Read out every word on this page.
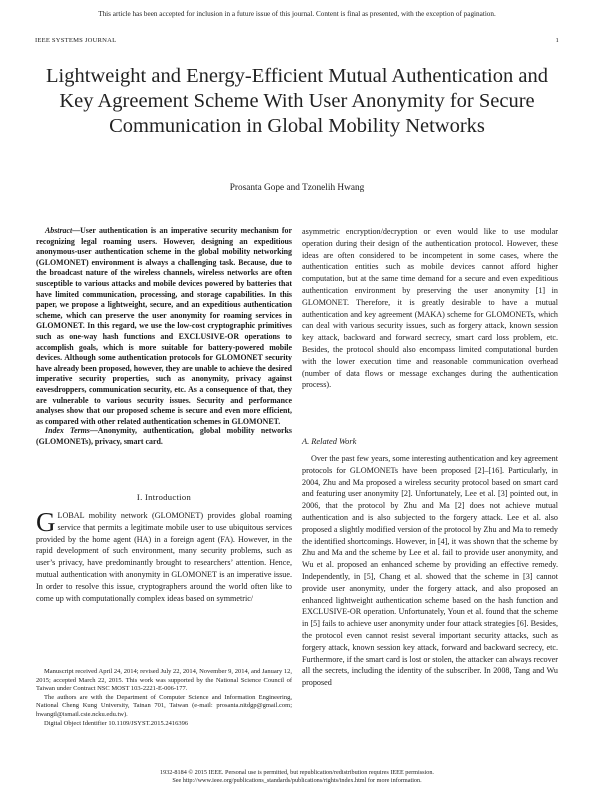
This article has been accepted for inclusion in a future issue of this journal. Content is final as presented, with the exception of pagination.
IEEE SYSTEMS JOURNAL	1
Lightweight and Energy-Efficient Mutual Authentication and Key Agreement Scheme With User Anonymity for Secure Communication in Global Mobility Networks
Prosanta Gope and Tzonelih Hwang

Abstract—User authentication is an imperative security mechanism for recognizing legal roaming users. However, designing an expeditious anonymous-user authentication scheme in the global mobility networking (GLOMONET) environment is always a challenging task. Because, due to the broadcast nature of the wireless channels, wireless networks are often susceptible to various attacks and mobile devices powered by batteries that have limited communication, processing, and storage capabilities. In this paper, we propose a lightweight, secure, and an expeditious authentication scheme, which can preserve the user anonymity for roaming services in GLOMONET. In this regard, we use the low-cost cryptographic primitives such as one-way hash functions and EXCLUSIVE-OR operations to accomplish goals, which is more suitable for battery-powered mobile devices. Although some authentication protocols for GLOMONET security have already been proposed, however, they are unable to achieve the desired imperative security properties, such as anonymity, privacy against eavesdroppers, communication security, etc. As a consequence of that, they are vulnerable to various security issues. Security and performance analyses show that our proposed scheme is secure and even more efficient, as compared with other related authentication schemes in GLOMONET.

Index Terms—Anonymity, authentication, global mobility networks (GLOMONETs), privacy, smart card.

I. Introduction

GLOBAL mobility network (GLOMONET) provides global roaming service that permits a legitimate mobile user to use ubiquitous services provided by the home agent (HA) in a foreign agent (FA). However, in the rapid development of such environment, many security problems, such as user’s privacy, have predominantly brought to researchers’ attention. Hence, mutual authentication with anonymity in GLOMONET is an imperative issue. In order to resolve this issue, cryptographers around the world often like to come up with computationally complex ideas based on symmetric/

Manuscript received April 24, 2014; revised July 22, 2014, November 9, 2014, and January 12, 2015; accepted March 22, 2015. This work was supported by the National Science Council of Taiwan under Contract NSC MOST 103-2221-E-006-177.

The authors are with the Department of Computer Science and Information Engineering, National Cheng Kung University, Tainan 701, Taiwan (e-mail: prosanta.nitdgp@gmail.com; hwangtl@ismail.csie.ncku.edu.tw).

Digital Object Identifier 10.1109/JSYST.2015.2416396

asymmetric encryption/decryption or even would like to use modular operation during their design of the authentication protocol. However, these ideas are often considered to be incompetent in some cases, where the authentication entities such as mobile devices cannot afford higher computation, but at the same time demand for a secure and even expeditious authentication environment by preserving the user anonymity [1] in GLOMONET. Therefore, it is greatly desirable to have a mutual authentication and key agreement (MAKA) scheme for GLOMONETs, which can deal with various security issues, such as forgery attack, known session key attack, backward and forward secrecy, smart card loss problem, etc. Besides, the protocol should also encompass limited computational burden with the lower execution time and reasonable communication overhead (number of data flows or message exchanges during the authentication process).

A. Related Work

Over the past few years, some interesting authentication and key agreement protocols for GLOMONETs have been proposed [2]–[16]. Particularly, in 2004, Zhu and Ma proposed a wireless security protocol based on smart card and featuring user anonymity [2]. Unfortunately, Lee et al. [3] pointed out, in 2006, that the protocol by Zhu and Ma [2] does not achieve mutual authentication and is also subjected to the forgery attack. Lee et al. also proposed a slightly modified version of the protocol by Zhu and Ma to remedy the identified shortcomings. However, in [4], it was shown that the scheme by Zhu and Ma and the scheme by Lee et al. fail to provide user anonymity, and Wu et al. proposed an enhanced scheme by providing an effective remedy. Independently, in [5], Chang et al. showed that the scheme in [3] cannot provide user anonymity, under the forgery attack, and also proposed an enhanced lightweight authentication scheme based on the hash function and EXCLUSIVE-OR operation. Unfortunately, Youn et al. found that the scheme in [5] fails to achieve user anonymity under four attack strategies [6]. Besides, the protocol even cannot resist several important security attacks, such as forgery attack, known session key attack, forward and backward secrecy, etc. Furthermore, if the smart card is lost or stolen, the attacker can always recover all the secrets, including the identity of the subscriber. In 2008, Tang and Wu proposed

1932-8184 © 2015 IEEE. Personal use is permitted, but republication/redistribution requires IEEE permission.
See http://www.ieee.org/publications_standards/publications/rights/index.html for more information.
